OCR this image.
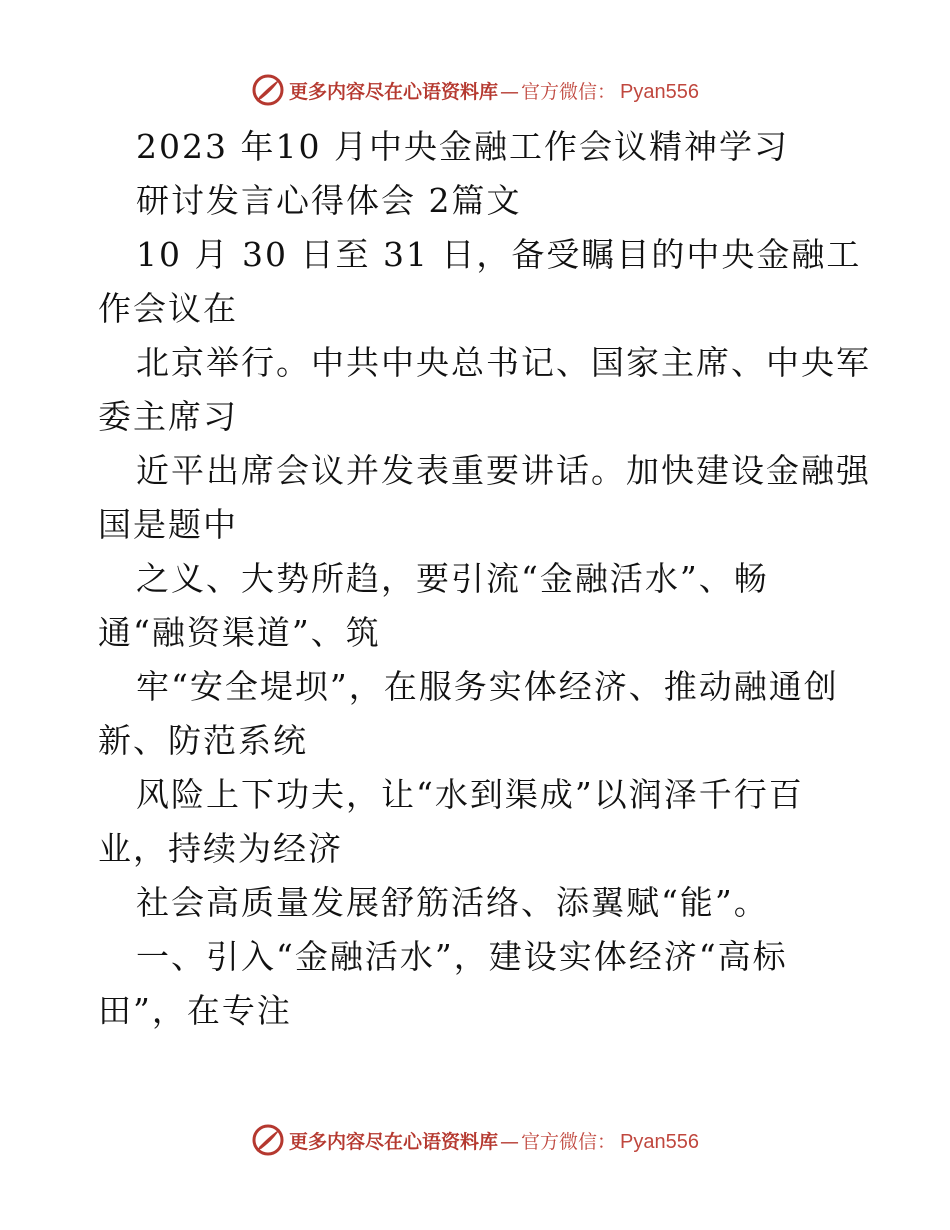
更多内容尽在心语资料库 — 官方微信： Pyan556
2023 年10 月中央金融工作会议精神学习
研讨发言心得体会 2篇文
10 月 30 日至 31 日，备受瞩目的中央金融工
作会议在
北京举行。中共中央总书记、国家主席、中央军
委主席习
近平出席会议并发表重要讲话。加快建设金融强
国是题中
之义、大势所趋，要引流“金融活水”、畅
通“融资渠道”、筑
牢“安全堤坝”，在服务实体经济、推动融通创
新、防范系统
风险上下功夫，让“水到渠成”以润泽千行百
业，持续为经济
社会高质量发展舒筋活络、添翼赋“能”。
一、引入“金融活水”，建设实体经济“高标
田”，在专注
更多内容尽在心语资料库 — 官方微信： Pyan556
